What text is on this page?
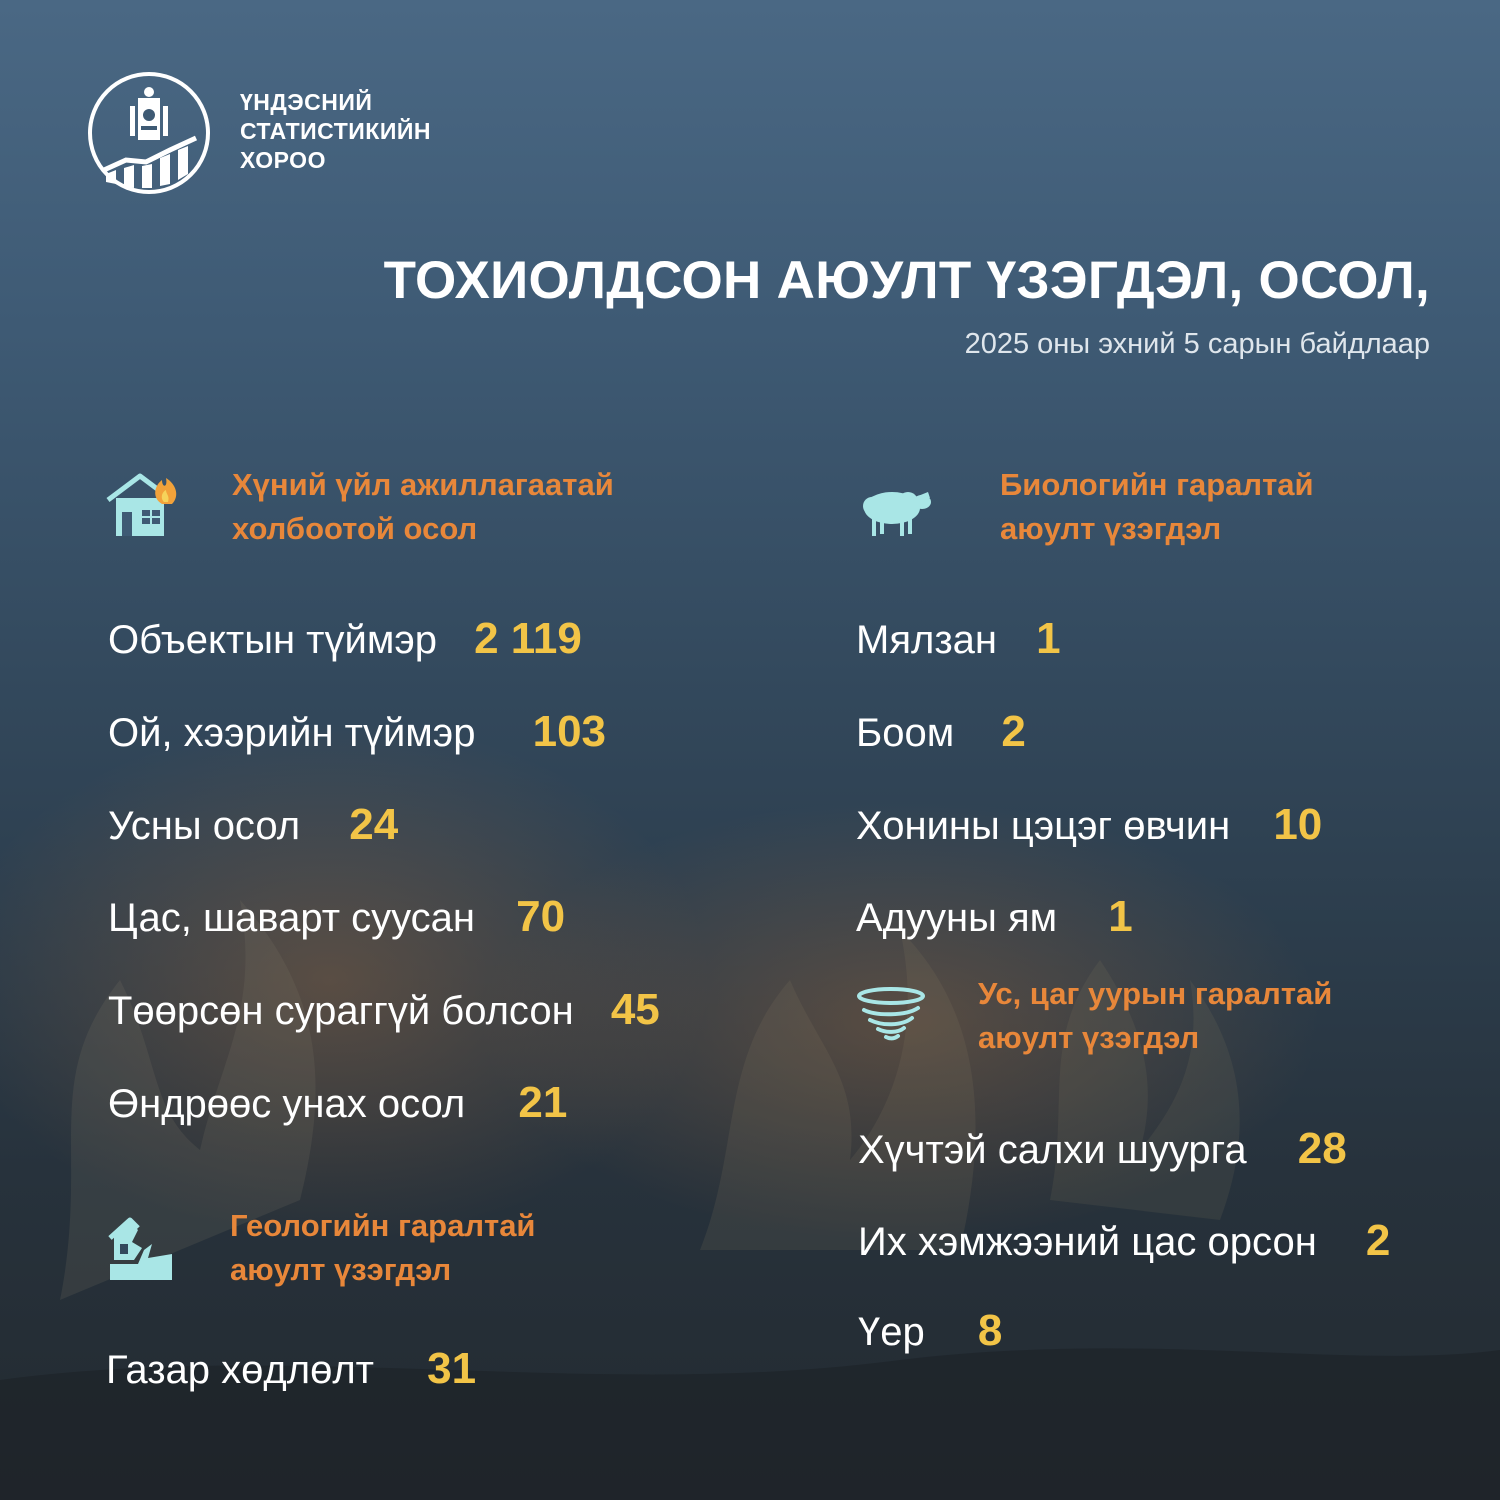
ҮНДЭСНИЙ
СТАТИСТИКИЙН
ХОРОО
ТОХИОЛДСОН АЮУЛТ ҮЗЭГДЭЛ, ОСОЛ,
2025 оны эхний 5 сарын байдлаар
Хүний үйл ажиллагаатай
холбоотой осол
Объектын түймэр 2 119
Ой, хээрийн түймэр 103
Усны осол 24
Цас, шаварт суусан 70
Төөрсөн сураггүй болсон 45
Өндрөөс унах осол 21
Геологийн гаралтай
аюулт үзэгдэл
Газар хөдлөлт 31
Биологийн гаралтай
аюулт үзэгдэл
Мялзан 1
Боом 2
Хонины цэцэг өвчин 10
Адууны ям 1
Ус, цаг уурын гаралтай
аюулт үзэгдэл
Хүчтэй салхи шуурга 28
Их хэмжээний цас орсон 2
Үер 8
